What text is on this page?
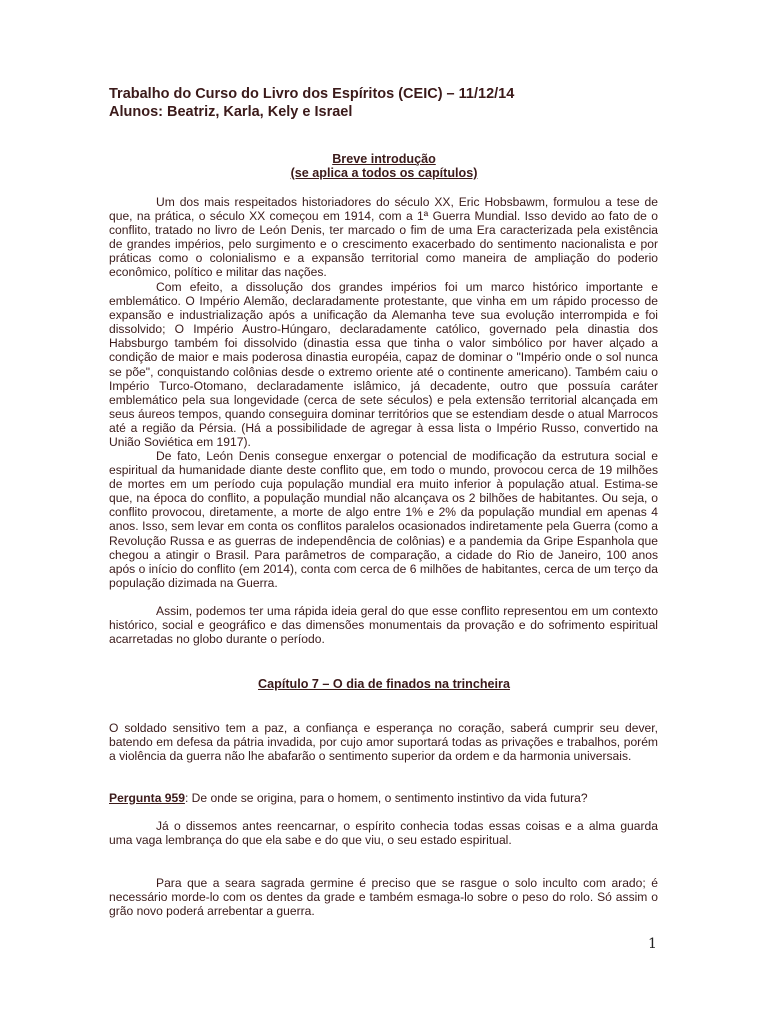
Trabalho do Curso do Livro dos Espíritos (CEIC) – 11/12/14
Alunos: Beatriz, Karla, Kely e Israel
Breve introdução
(se aplica a todos os capítulos)
Um dos mais respeitados historiadores do século XX, Eric Hobsbawm, formulou a tese de que, na prática, o século XX começou em 1914, com a 1ª Guerra Mundial. Isso devido ao fato de o conflito, tratado no livro de León Denis, ter marcado o fim de uma Era caracterizada pela existência de grandes impérios, pelo surgimento e o crescimento exacerbado do sentimento nacionalista e por práticas como o colonialismo e a expansão territorial como maneira de ampliação do poderio econômico, político e militar das nações.
Com efeito, a dissolução dos grandes impérios foi um marco histórico importante e emblemático. O Império Alemão, declaradamente protestante, que vinha em um rápido processo de expansão e industrialização após a unificação da Alemanha teve sua evolução interrompida e foi dissolvido; O Império Austro-Húngaro, declaradamente católico, governado pela dinastia dos Habsburgo também foi dissolvido (dinastia essa que tinha o valor simbólico por haver alçado a condição de maior e mais poderosa dinastia européia, capaz de dominar o "Império onde o sol nunca se põe", conquistando colônias desde o extremo oriente até o continente americano). Também caiu o Império Turco-Otomano, declaradamente islâmico, já decadente, outro que possuía caráter emblemático pela sua longevidade (cerca de sete séculos) e pela extensão territorial alcançada em seus áureos tempos, quando conseguira dominar territórios que se estendiam desde o atual Marrocos até a região da Pérsia. (Há a possibilidade de agregar à essa lista o Império Russo, convertido na União Soviética em 1917).
De fato, León Denis consegue enxergar o potencial de modificação da estrutura social e espiritual da humanidade diante deste conflito que, em todo o mundo, provocou cerca de 19 milhões de mortes em um período cuja população mundial era muito inferior à população atual. Estima-se que, na época do conflito, a população mundial não alcançava os 2 bilhões de habitantes. Ou seja, o conflito provocou, diretamente, a morte de algo entre 1% e 2% da população mundial em apenas 4 anos. Isso, sem levar em conta os conflitos paralelos ocasionados indiretamente pela Guerra (como a Revolução Russa e as guerras de independência de colônias) e a pandemia da Gripe Espanhola que chegou a atingir o Brasil. Para parâmetros de comparação, a cidade do Rio de Janeiro, 100 anos após o início do conflito (em 2014), conta com cerca de 6 milhões de habitantes, cerca de um terço da população dizimada na Guerra.
Assim, podemos ter uma rápida ideia geral do que esse conflito representou em um contexto histórico, social e geográfico e das dimensões monumentais da provação e do sofrimento espiritual acarretadas no globo durante o período.
Capítulo 7 – O dia de finados na trincheira
O soldado sensitivo tem a paz, a confiança e esperança no coração, saberá cumprir seu dever, batendo em defesa da pátria invadida, por cujo amor suportará todas as privações e trabalhos, porém a violência da guerra não lhe abafarão o sentimento superior da ordem e da harmonia universais.
Pergunta 959: De onde se origina, para o homem, o sentimento instintivo da vida futura?
Já o dissemos antes reencarnar, o espírito conhecia todas essas coisas e a alma guarda uma vaga lembrança do que ela sabe e do que viu, o seu estado espiritual.
Para que a seara sagrada germine é preciso que se rasgue o solo inculto com arado; é necessário morde-lo com os dentes da grade e também esmaga-lo sobre o peso do rolo. Só assim o grão novo poderá arrebentar a guerra.
1
